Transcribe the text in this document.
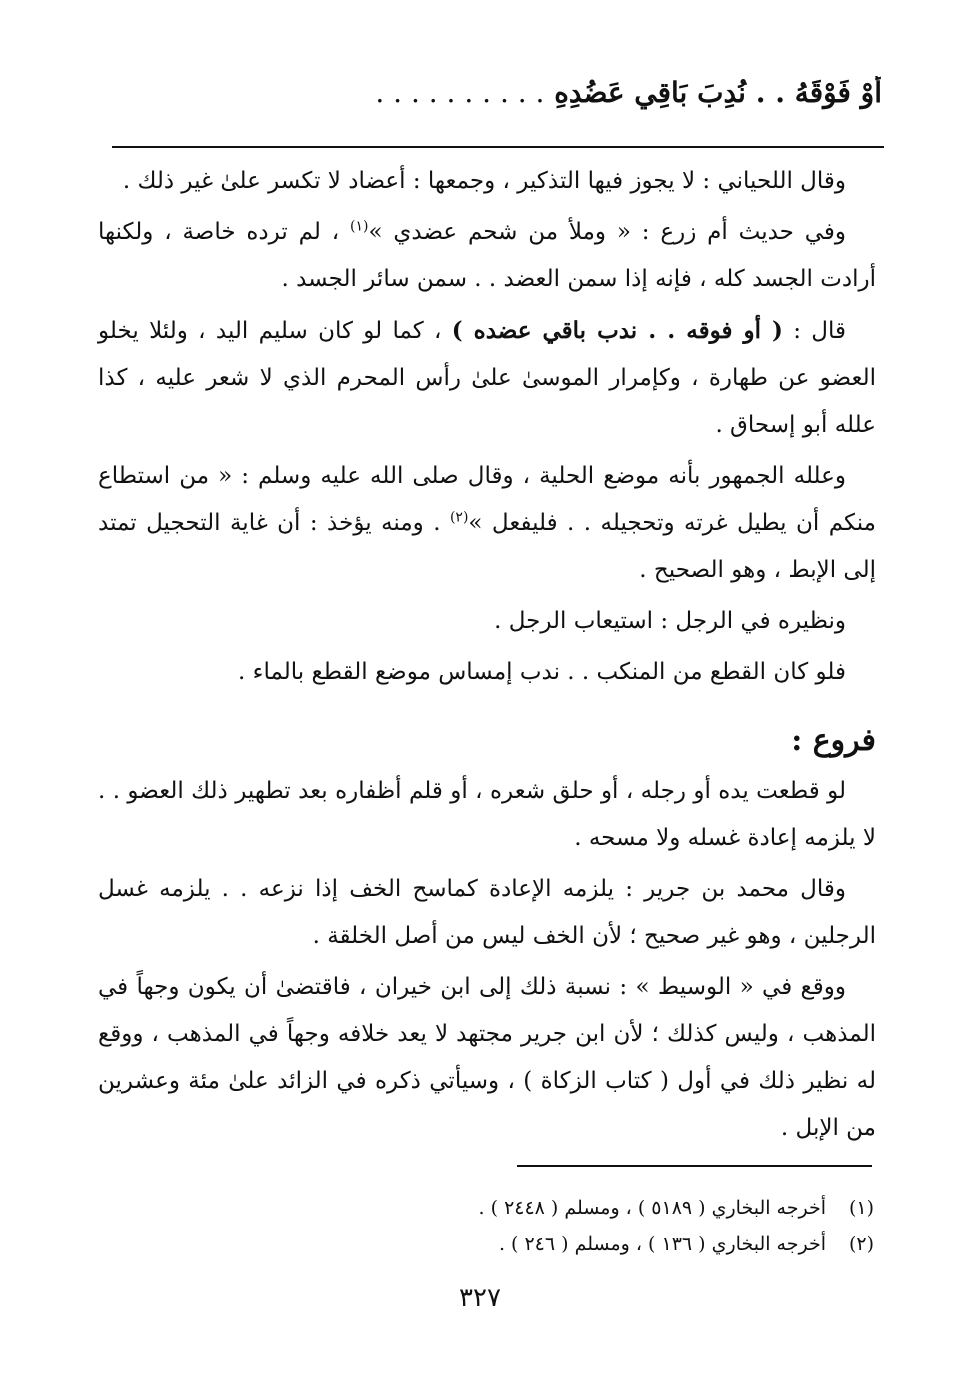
أَوْ فَوْقَهُ . . نُدِبَ بَاقِي عَضُدِهِ . . . . . . . . . .

وقال اللحياني : لا يجوز فيها التذكير ، وجمعها : أعضاد لا تكسر علىٰ غير ذلك .

وفي حديث أم زرع : « وملأ من شحم عضدي »$^{(١)}$ ، لم ترده خاصة ، ولكنها أرادت الجسد كله ، فإنه إذا سمن العضد . . سمن سائر الجسد .

قال : ( أو فوقه . . ندب باقي عضده ) ، كما لو كان سليم اليد ، ولئلا يخلو العضو عن طهارة ، وكإمرار الموسىٰ علىٰ رأس المحرم الذي لا شعر عليه ، كذا علله أبو إسحاق .

وعلله الجمهور بأنه موضع الحلية ، وقال صلى الله عليه وسلم : « من استطاع منكم أن يطيل غرته وتحجيله . . فليفعل »$^{(٢)}$ . ومنه يؤخذ : أن غاية التحجيل تمتد إلى الإبط ، وهو الصحيح .

ونظيره في الرجل : استيعاب الرجل .

فلو كان القطع من المنكب . . ندب إمساس موضع القطع بالماء .

فروع :

لو قطعت يده أو رجله ، أو حلق شعره ، أو قلم أظفاره بعد تطهير ذلك العضو . . لا يلزمه إعادة غسله ولا مسحه .

وقال محمد بن جرير : يلزمه الإعادة كماسح الخف إذا نزعه . . يلزمه غسل الرجلين ، وهو غير صحيح ؛ لأن الخف ليس من أصل الخلقة .

ووقع في « الوسيط » : نسبة ذلك إلى ابن خيران ، فاقتضىٰ أن يكون وجهاً في المذهب ، وليس كذلك ؛ لأن ابن جرير مجتهد لا يعد خلافه وجهاً في المذهب ، ووقع له نظير ذلك في أول ( كتاب الزكاة ) ، وسيأتي ذكره في الزائد علىٰ مئة وعشرين من الإبل .

(١)
أخرجه البخاري ( ٥١٨٩ ) ، ومسلم ( ٢٤٤٨ ) .
(٢)
أخرجه البخاري ( ١٣٦ ) ، ومسلم ( ٢٤٦ ) .
٣٢٧
